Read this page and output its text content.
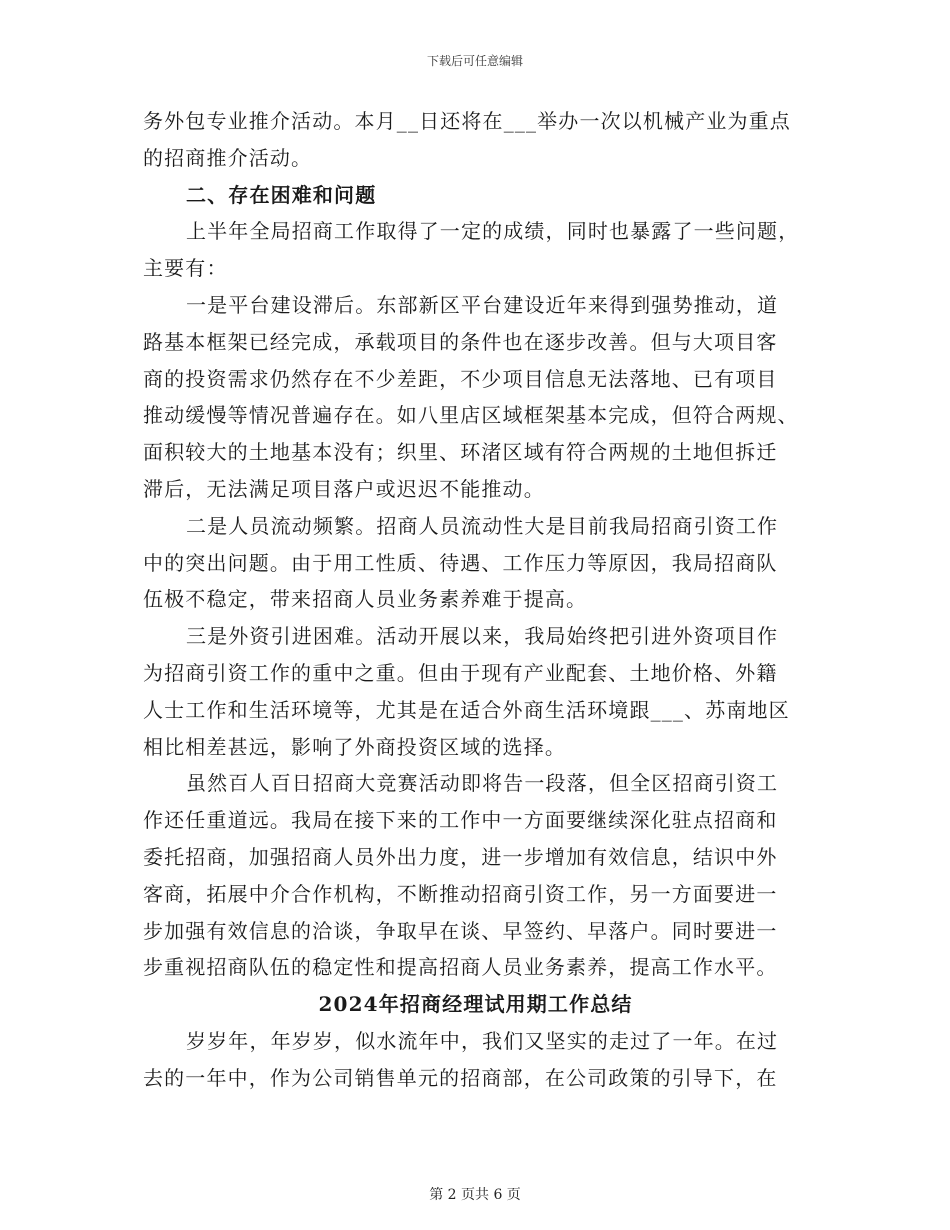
下载后可任意编辑
务外包专业推介活动。本月__日还将在___举办一次以机械产业为重点
的招商推介活动。
二、存在困难和问题
上半年全局招商工作取得了一定的成绩，同时也暴露了一些问题，
主要有：
一是平台建设滞后。东部新区平台建设近年来得到强势推动，道
路基本框架已经完成，承载项目的条件也在逐步改善。但与大项目客
商的投资需求仍然存在不少差距，不少项目信息无法落地、已有项目
推动缓慢等情况普遍存在。如八里店区域框架基本完成，但符合两规、
面积较大的土地基本没有；织里、环渚区域有符合两规的土地但拆迁
滞后，无法满足项目落户或迟迟不能推动。
二是人员流动频繁。招商人员流动性大是目前我局招商引资工作
中的突出问题。由于用工性质、待遇、工作压力等原因，我局招商队
伍极不稳定，带来招商人员业务素养难于提高。
三是外资引进困难。活动开展以来，我局始终把引进外资项目作
为招商引资工作的重中之重。但由于现有产业配套、土地价格、外籍
人士工作和生活环境等，尤其是在适合外商生活环境跟___、苏南地区
相比相差甚远，影响了外商投资区域的选择。
虽然百人百日招商大竞赛活动即将告一段落，但全区招商引资工
作还任重道远。我局在接下来的工作中一方面要继续深化驻点招商和
委托招商，加强招商人员外出力度，进一步增加有效信息，结识中外
客商，拓展中介合作机构，不断推动招商引资工作，另一方面要进一
步加强有效信息的洽谈，争取早在谈、早签约、早落户。同时要进一
步重视招商队伍的稳定性和提高招商人员业务素养，提高工作水平。
2024年招商经理试用期工作总结
岁岁年，年岁岁，似水流年中，我们又坚实的走过了一年。在过
去的一年中，作为公司销售单元的招商部，在公司政策的引导下，在
第 2 页共 6 页
